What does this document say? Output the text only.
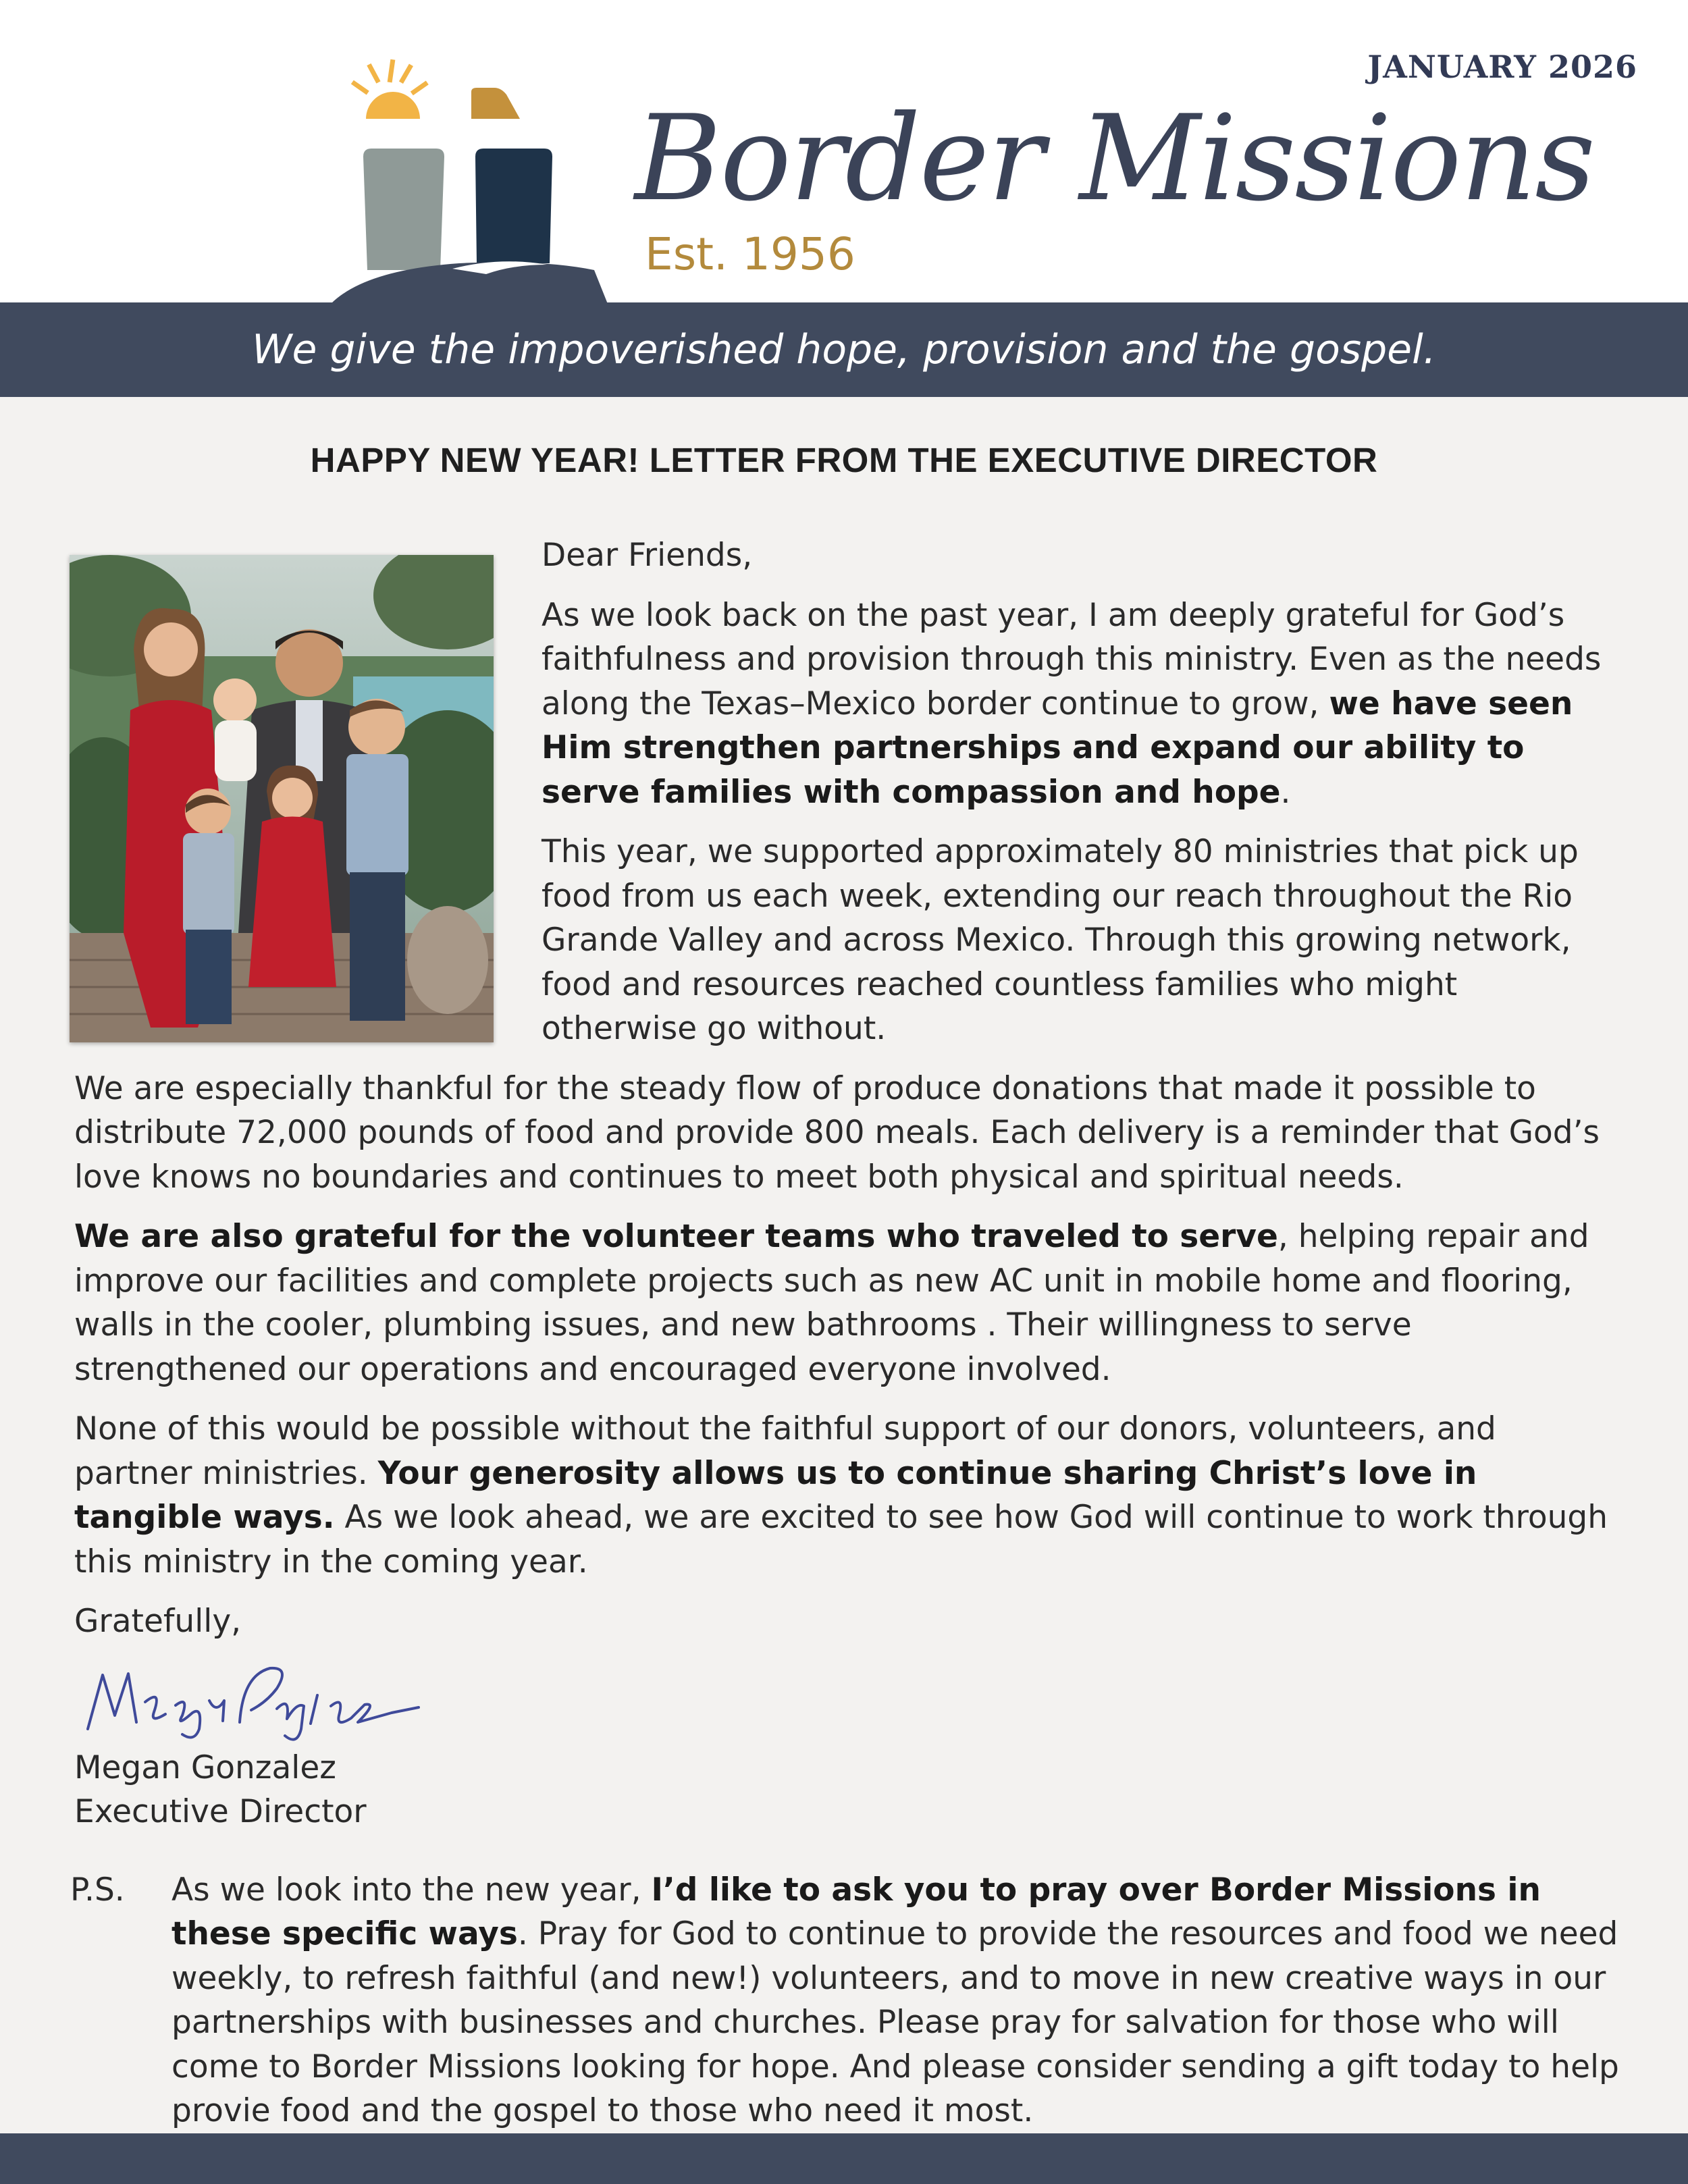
Border Missions
Est. 1956
JANUARY 2026
We give the impoverished hope, provision and the gospel.
HAPPY NEW YEAR! LETTER FROM THE EXECUTIVE DIRECTOR

Dear Friends,

As we look back on the past year, I am deeply grateful for God’s faithfulness and provision through this ministry. Even as the needs along the Texas–Mexico border continue to grow, we have seen Him strengthen partnerships and expand our ability to serve families with compassion and hope.

This year, we supported approximately 80 ministries that pick up food from us each week, extending our reach throughout the Rio Grande Valley and across Mexico. Through this growing network, food and resources reached countless families who might otherwise go without.

We are especially thankful for the steady flow of produce donations that made it possible to distribute 72,000 pounds of food and provide 800 meals. Each delivery is a reminder that God’s love knows no boundaries and continues to meet both physical and spiritual needs.

We are also grateful for the volunteer teams who traveled to serve, helping repair and improve our facilities and complete projects such as new AC unit in mobile home and flooring, walls in the cooler, plumbing issues, and new bathrooms . Their willingness to serve strengthened our operations and encouraged everyone involved.

None of this would be possible without the faithful support of our donors, volunteers, and partner ministries. Your generosity allows us to continue sharing Christ’s love in tangible ways. As we look ahead, we are excited to see how God will continue to work through this ministry in the coming year.

Gratefully,

Megan Gonzalez

Executive Director

P.S.	As we look into the new year, I’d like to ask you to pray over Border Missions in these specific ways. Pray for God to continue to provide the resources and food we need weekly, to refresh faithful (and new!) volunteers, and to move in new creative ways in our partnerships with businesses and churches. Please pray for salvation for those who will come to Border Missions looking for hope. And please consider sending a gift today to help provie food and the gospel to those who need it most.
